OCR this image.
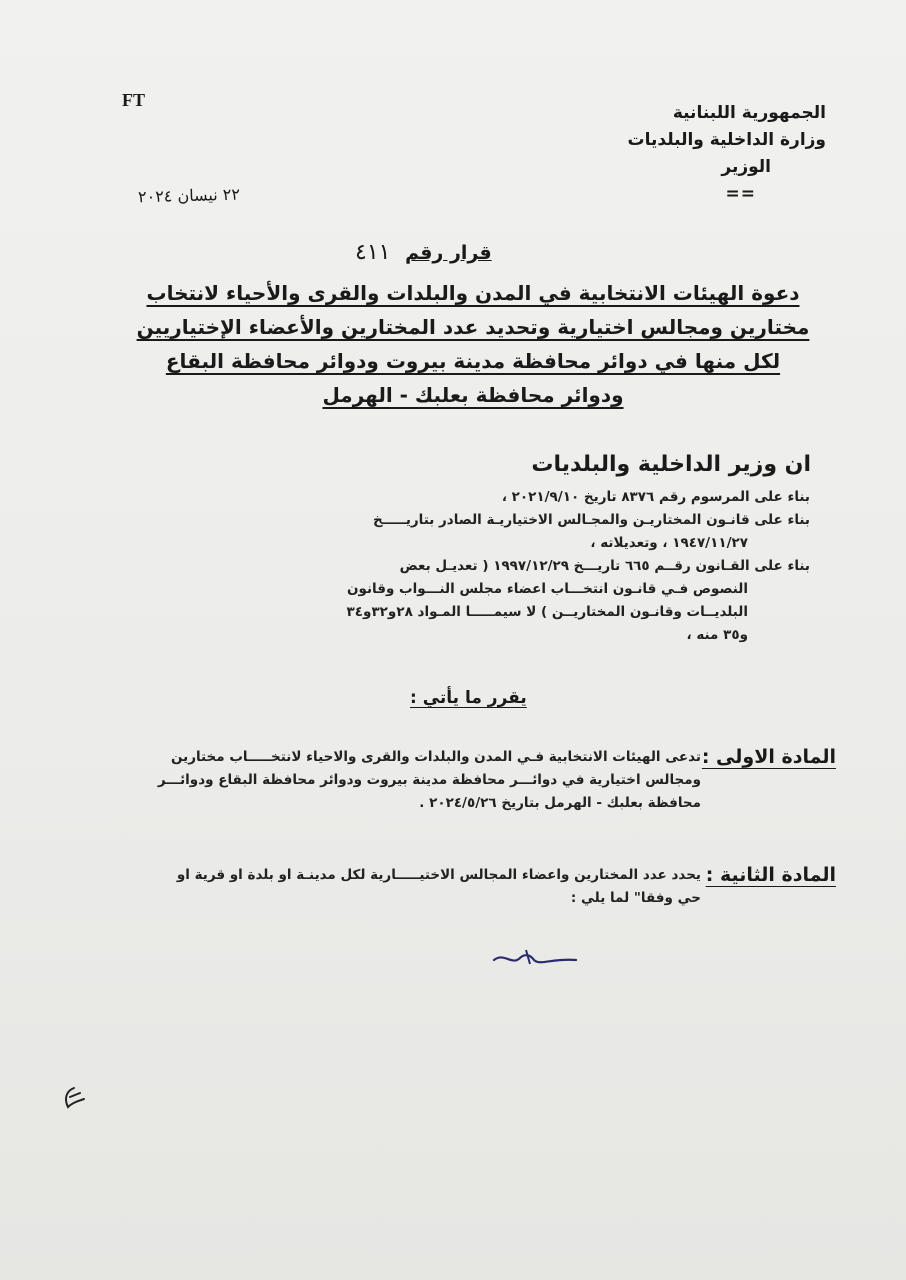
FT
الجمهورية اللبنانية
وزارة الداخلية والبلديات
الوزير
==
٢٢ نيسان ٢٠٢٤
قرار رقم ٤١١
دعوة الهيئات الانتخابية في المدن والبلدات والقرى والأحياء لانتخاب
مختارين ومجالس اختيارية وتحديد عدد المختارين والأعضاء الإختياريين
لكل منها في دوائر محافظة مدينة بيروت ودوائر محافظة البقاع
ودوائر محافظة بعلبك - الهرمل
ان وزير الداخلية والبلديات

بناء على المرسوم رقم ٨٣٧٦ تاريخ ٢٠٢١/٩/١٠ ،

بناء على قانـون المختاريـن والمجـالس الاختياريـة الصادر بتاريـــــخ

١٩٤٧/١١/٢٧ ، وتعديلاته ،

بناء على القـانون رقــم ٦٦٥ تاريـــخ ١٩٩٧/١٢/٢٩ ( تعديـل بعض

النصوص فـي قانـون انتخـــاب اعضاء مجلس النـــواب وقانون

البلديــات وقانـون المختاريــن ) لا سيمـــــا المـواد ٢٨و٣٢و٣٤

و٣٥ منه ،

يقرر ما يأتي :
المادة الاولى :
تدعى الهيئات الانتخابية فـي المدن والبلدات والقرى والاحياء لانتخـــــاب مختارين
ومجالس اختيارية في دوائـــر محافظة مدينة بيروت ودوائر محافظة البقاع ودوائـــر
محافظة بعلبك - الهرمل بتاريخ ٢٠٢٤/٥/٢٦ .
المادة الثانية :
يحدد عدد المختارين واعضاء المجالس الاختيـــــارية لكل مدينـة او بلدة او قرية او
حي وفقا" لما يلي :
